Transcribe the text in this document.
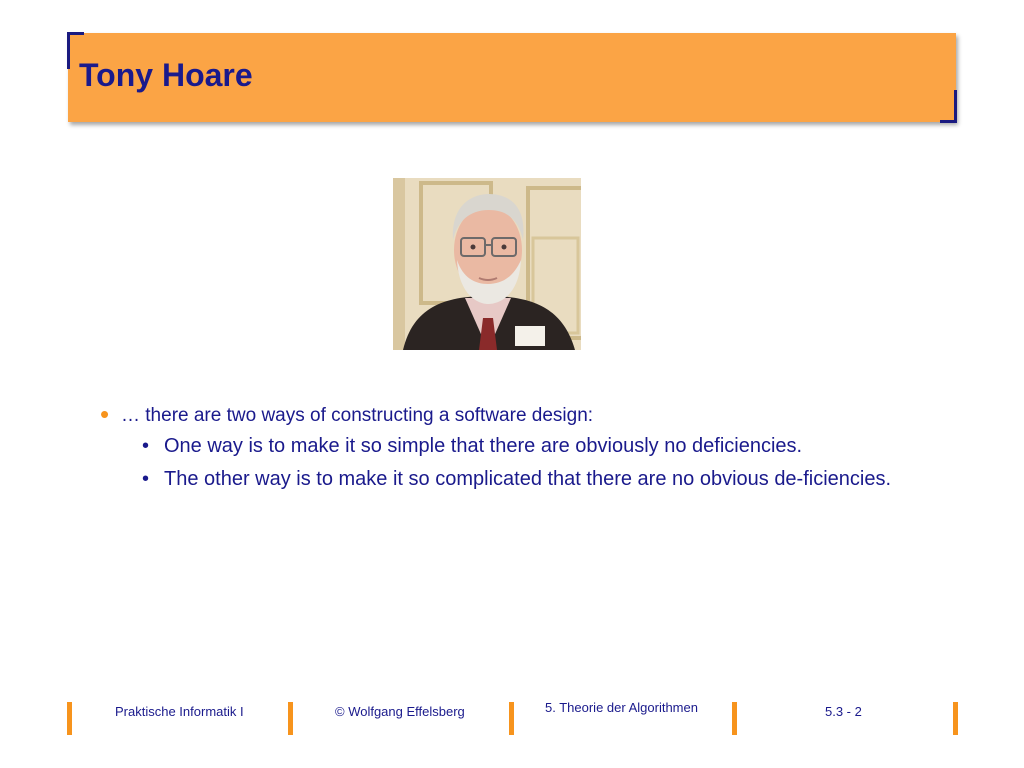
Tony Hoare
• … there are two ways of constructing a software design:
• One way is to make it so simple that there are obviously no deficiencies.
• The other way is to make it so complicated that there are no obvious de-ficiencies.
Praktische Informatik I	© Wolfgang Effelsberg	5. Theorie der Algorithmen	5.3 - 2
